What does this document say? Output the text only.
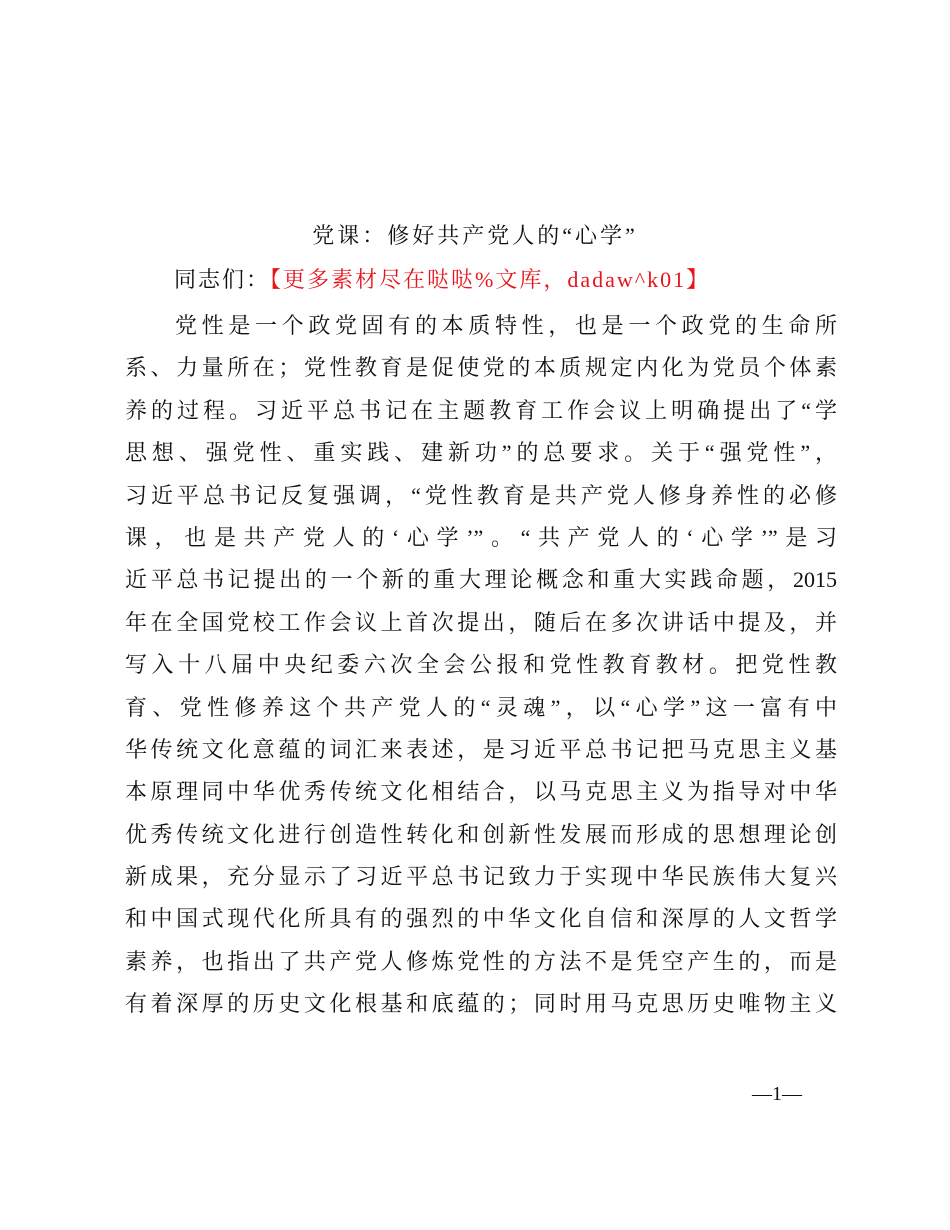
党课：修好共产党人的“心学”
同志们：【更多素材尽在哒哒%文库，dadaw^k01】
党性是一个政党固有的本质特性，也是一个政党的生命所
系、力量所在；党性教育是促使党的本质规定内化为党员个体素
养的过程。习近平总书记在主题教育工作会议上明确提出了“学
思想、强党性、重实践、建新功”的总要求。关于“强党性”，
习近平总书记反复强调，“党性教育是共产党人修身养性的必修
课，也是共产党人的‘心学’”。“共产党人的‘心学’”是习
近平总书记提出的一个新的重大理论概念和重大实践命题，2015
年在全国党校工作会议上首次提出，随后在多次讲话中提及，并
写入十八届中央纪委六次全会公报和党性教育教材。把党性教
育、党性修养这个共产党人的“灵魂”，以“心学”这一富有中
华传统文化意蕴的词汇来表述，是习近平总书记把马克思主义基
本原理同中华优秀传统文化相结合，以马克思主义为指导对中华
优秀传统文化进行创造性转化和创新性发展而形成的思想理论创
新成果，充分显示了习近平总书记致力于实现中华民族伟大复兴
和中国式现代化所具有的强烈的中华文化自信和深厚的人文哲学
素养，也指出了共产党人修炼党性的方法不是凭空产生的，而是
有着深厚的历史文化根基和底蕴的；同时用马克思历史唯物主义
—1—
